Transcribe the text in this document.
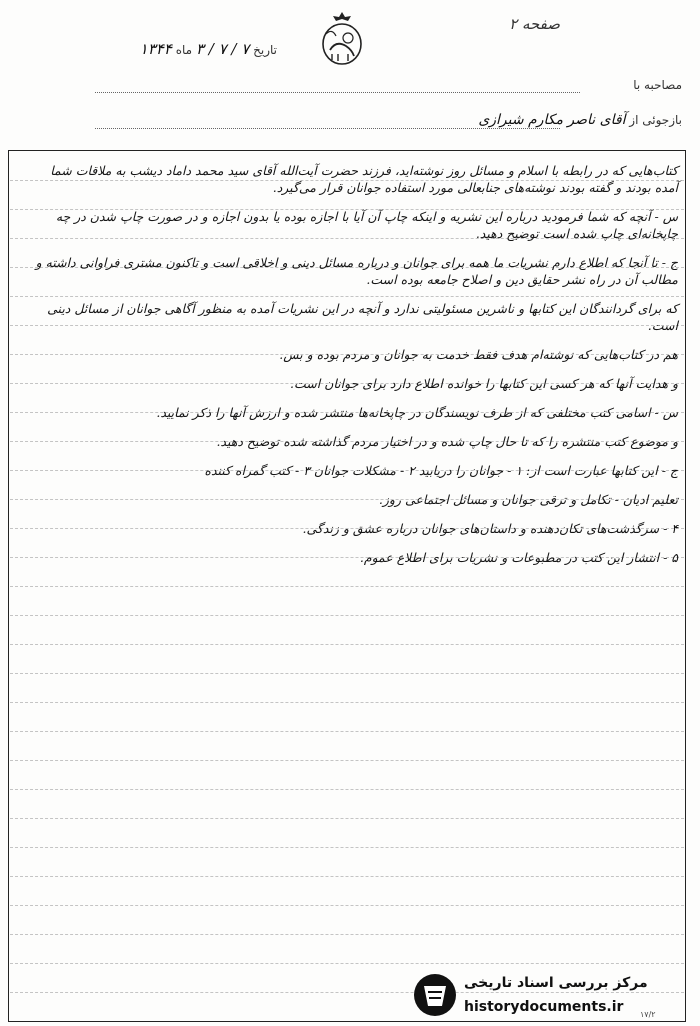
صفحه ۲
تاریخ ۷ / ۷ / ۳ ماه ۱۳۴۴
مصاحبه با
بازجوئی از آقای ناصر مکارم شیرازی

کتاب‌هایی که در رابطه با اسلام و مسائل روز نوشته‌اید، فرزند حضرت آیت‌الله آقای سید محمد داماد دیشب به ملاقات شما آمده بودند و گفته بودند نوشته‌های جنابعالی مورد استفاده جوانان قرار می‌گیرد.

س - آنچه که شما فرمودید درباره این نشریه و اینکه چاپ آن آیا با اجازه بوده یا بدون اجازه و در صورت چاپ شدن در چه چاپخانه‌ای چاپ شده است توضیح دهید.

ج - تا آنجا که اطلاع دارم نشریات ما همه برای جوانان و درباره مسائل دینی و اخلاقی است و تاکنون مشتری فراوانی داشته و مطالب آن در راه نشر حقایق دین و اصلاح جامعه بوده است.

که برای گردانندگان این کتابها و ناشرین مسئولیتی ندارد و آنچه در این نشریات آمده به منظور آگاهی جوانان از مسائل دینی است.

هم در کتاب‌هایی که نوشته‌ام هدف فقط خدمت به جوانان و مردم بوده و بس.

و هدایت آنها که هر کسی این کتابها را خوانده اطلاع دارد برای جوانان است.

س - اسامی کتب مختلفی که از طرف نویسندگان در چاپخانه‌ها منتشر شده و ارزش آنها را ذکر نمایید.

و موضوع کتب منتشره را که تا حال چاپ شده و در اختیار مردم گذاشته شده توضیح دهید.

ج - این کتابها عبارت است از: ۱ - جوانان را دریابید ۲ - مشکلات جوانان ۳ - کتب گمراه کننده

تعلیم ادیان - تکامل و ترقی جوانان و مسائل اجتماعی روز.

۴ - سرگذشت‌های تکان‌دهنده و داستان‌های جوانان درباره عشق و زندگی.

۵ - انتشار این کتب در مطبوعات و نشریات برای اطلاع عموم.

مرکز بررسی اسناد تاریخی
historydocuments.ir ۱۷/۲
